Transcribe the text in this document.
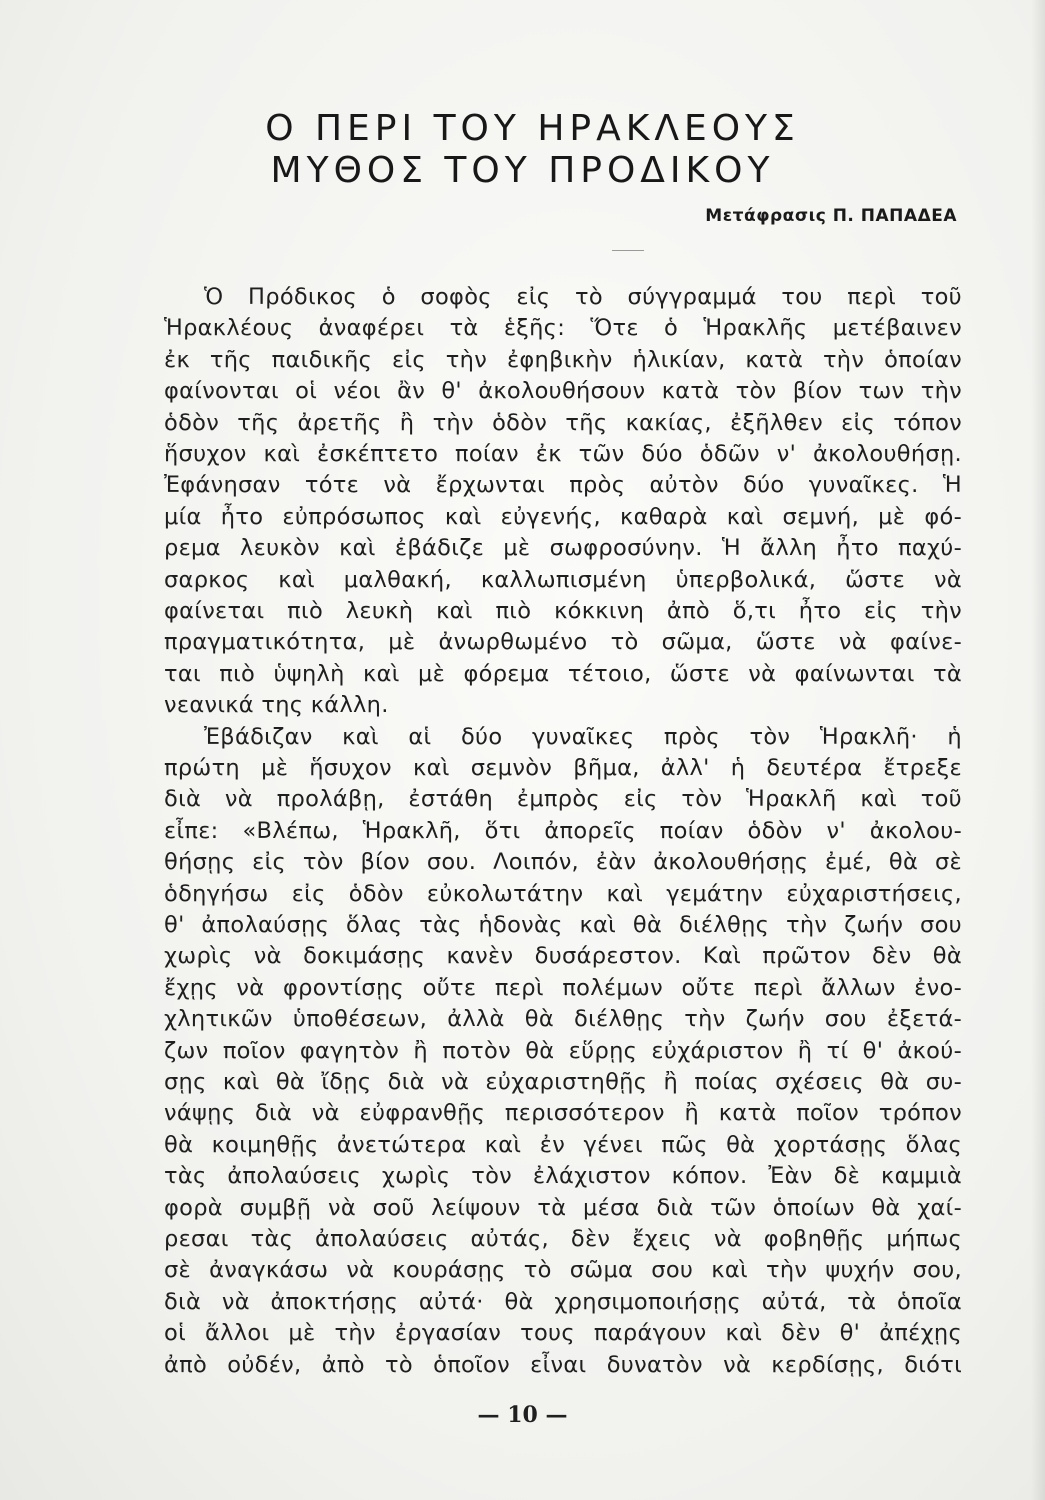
Ο ΠΕΡΙ ΤΟΥ ΗΡΑΚΛΕΟΥΣ
ΜΥΘΟΣ ΤΟΥ ΠΡΟΔΙΚΟΥ
Μετάφρασις Π. ΠΑΠΑΔΕΑ
Ὁ Πρόδικος ὁ σοφὸς εἰς τὸ σύγγραμμά του περὶ τοῦ
Ἡρακλέους ἀναφέρει τὰ ἑξῆς: Ὅτε ὁ Ἡρακλῆς μετέβαινεν
ἐκ τῆς παιδικῆς εἰς τὴν ἐφηβικὴν ἡλικίαν, κατὰ τὴν ὁποίαν
φαίνονται οἱ νέοι ἂν θ' ἀκολουθήσουν κατὰ τὸν βίον των τὴν
ὁδὸν τῆς ἀρετῆς ἢ τὴν ὁδὸν τῆς κακίας, ἐξῆλθεν εἰς τόπον
ἥσυχον καὶ ἐσκέπτετο ποίαν ἐκ τῶν δύο ὁδῶν ν' ἀκολουθήσῃ.
Ἐφάνησαν τότε νὰ ἔρχωνται πρὸς αὐτὸν δύο γυναῖκες. Ἡ
μία ἦτο εὐπρόσωπος καὶ εὐγενής, καθαρὰ καὶ σεμνή, μὲ φό-
ρεμα λευκὸν καὶ ἐβάδιζε μὲ σωφροσύνην. Ἡ ἄλλη ἦτο παχύ-
σαρκος καὶ μαλθακή, καλλωπισμένη ὑπερβολικά, ὥστε νὰ
φαίνεται πιὸ λευκὴ καὶ πιὸ κόκκινη ἀπὸ ὅ,τι ἦτο εἰς τὴν
πραγματικότητα, μὲ ἀνωρθωμένο τὸ σῶμα, ὥστε νὰ φαίνε-
ται πιὸ ὑψηλὴ καὶ μὲ φόρεμα τέτοιο, ὥστε νὰ φαίνωνται τὰ
νεανικά της κάλλη.
Ἐβάδιζαν καὶ αἱ δύο γυναῖκες πρὸς τὸν Ἡρακλῆ· ἡ
πρώτη μὲ ἥσυχον καὶ σεμνὸν βῆμα, ἀλλ' ἡ δευτέρα ἔτρεξε
διὰ νὰ προλάβῃ, ἐστάθη ἐμπρὸς εἰς τὸν Ἡρακλῆ καὶ τοῦ
εἶπε: «Βλέπω, Ἡρακλῆ, ὅτι ἀπορεῖς ποίαν ὁδὸν ν' ἀκολου-
θήσῃς εἰς τὸν βίον σου. Λοιπόν, ἐὰν ἀκολουθήσῃς ἐμέ, θὰ σὲ
ὁδηγήσω εἰς ὁδὸν εὐκολωτάτην καὶ γεμάτην εὐχαριστήσεις,
θ' ἀπολαύσῃς ὅλας τὰς ἡδονὰς καὶ θὰ διέλθῃς τὴν ζωήν σου
χωρὶς νὰ δοκιμάσῃς κανὲν δυσάρεστον. Καὶ πρῶτον δὲν θὰ
ἔχῃς νὰ φροντίσῃς οὔτε περὶ πολέμων οὔτε περὶ ἄλλων ἐνο-
χλητικῶν ὑποθέσεων, ἀλλὰ θὰ διέλθῃς τὴν ζωήν σου ἐξετά-
ζων ποῖον φαγητὸν ἢ ποτὸν θὰ εὕρῃς εὐχάριστον ἢ τί θ' ἀκού-
σῃς καὶ θὰ ἴδῃς διὰ νὰ εὐχαριστηθῇς ἢ ποίας σχέσεις θὰ συ-
νάψῃς διὰ νὰ εὐφρανθῇς περισσότερον ἢ κατὰ ποῖον τρόπον
θὰ κοιμηθῇς ἀνετώτερα καὶ ἐν γένει πῶς θὰ χορτάσῃς ὅλας
τὰς ἀπολαύσεις χωρὶς τὸν ἐλάχιστον κόπον. Ἐὰν δὲ καμμιὰ
φορὰ συμβῇ νὰ σοῦ λείψουν τὰ μέσα διὰ τῶν ὁποίων θὰ χαί-
ρεσαι τὰς ἀπολαύσεις αὐτάς, δὲν ἔχεις νὰ φοβηθῇς μήπως
σὲ ἀναγκάσω νὰ κουράσῃς τὸ σῶμα σου καὶ τὴν ψυχήν σου,
διὰ νὰ ἀποκτήσῃς αὐτά· θὰ χρησιμοποιήσῃς αὐτά, τὰ ὁποῖα
οἱ ἄλλοι μὲ τὴν ἐργασίαν τους παράγουν καὶ δὲν θ' ἀπέχῃς
ἀπὸ οὐδέν, ἀπὸ τὸ ὁποῖον εἶναι δυνατὸν νὰ κερδίσῃς, διότι
— 10 —
